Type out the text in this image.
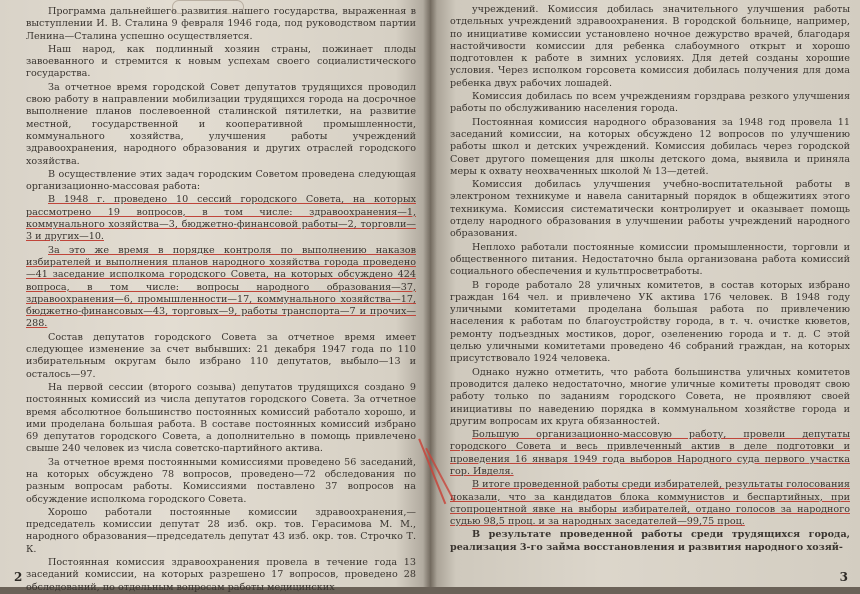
Программа дальнейшего развития нашего государства, выраженная в выступлении И. В. Сталина 9 февраля 1946 года, под руководством партии Ленина—Сталина успешно осуществляется.

Наш народ, как подлинный хозяин страны, пожинает плоды завоеванного и стремится к новым успехам своего социалистического государства.

За отчетное время городской Совет депутатов трудящихся проводил свою работу в направлении мобилизации трудящихся города на досрочное выполнение планов послевоенной сталинской пятилетки, на развитие местной, государственной и кооперативной промышленности, коммунального хозяйства, улучшения работы учреждений здравоохранения, народного образования и других отраслей городского хозяйства.

В осуществление этих задач городским Советом проведена следующая организационно-массовая работа:

В 1948 г. проведено 10 сессий городского Совета, на которых рассмотрено 19 вопросов, в том числе: здравоохранения—1, коммунального хозяйства—3, бюджетно-финансовой работы—2, торговли—3 и других—10.

За это же время в порядке контроля по выполнению наказов избирателей и выполнения планов народного хозяйства города проведено—41 заседание исполкома городского Совета, на которых обсуждено 424 вопроса, в том числе: вопросы народного образования—37, здравоохранения—6, промышленности—17, коммунального хозяйства—17, бюджетно-финансовых—43, торговых—9, работы транспорта—7 и прочих—288.

Состав депутатов городского Совета за отчетное время имеет следующее изменение за счет выбывших: 21 декабря 1947 года по 110 избирательным округам было избрано 110 депутатов, выбыло—13 и осталось—97.

На первой сессии (второго созыва) депутатов трудящихся создано 9 постоянных комиссий из числа депутатов городского Совета. За отчетное время абсолютное большинство постоянных комиссий работало хорошо, и ими проделана большая работа. В составе постоянных комиссий избрано 69 депутатов городского Совета, а дополнительно в помощь привлечено свыше 240 человек из числа советско-партийного актива.

За отчетное время постоянными комиссиями проведено 56 заседаний, на которых обсуждено 78 вопросов, проведено—72 обследования по разным вопросам работы. Комиссиями поставлено 37 вопросов на обсуждение исполкома городского Совета.

Хорошо работали постоянные комиссии здравоохранения,—председатель комиссии депутат 28 изб. окр. тов. Герасимова М. М., народного образования—председатель депутат 43 изб. окр. тов. Строчко Т. К.

Постоянная комиссия здравоохранения провела в течение года 13 заседаний комиссии, на которых разрешено 17 вопросов, проведено 28 обследований, по отдельным вопросам работы медицинских

2

учреждений. Комиссия добилась значительного улучшения работы отдельных учреждений здравоохранения. В городской больнице, например, по инициативе комиссии установлено ночное дежурство врачей, благодаря настойчивости комиссии для ребенка слабоумного открыт и хорошо подготовлен к работе в зимних условиях. Для детей созданы хорошие условия. Через исполком горсовета комиссия добилась получения для дома ребенка двух рабочих лошадей.

Комиссия добилась по всем учреждениям горздрава резкого улучшения работы по обслуживанию населения города.

Постоянная комиссия народного образования за 1948 год провела 11 заседаний комиссии, на которых обсуждено 12 вопросов по улучшению работы школ и детских учреждений. Комиссия добилась через городской Совет другого помещения для школы детского дома, выявила и приняла меры к охвату неохваченных школой № 13—детей.

Комиссия добилась улучшения учебно-воспитательной работы в электроном техникуме и навела санитарный порядок в общежитиях этого техникума. Комиссия систематически контролирует и оказывает помощь отделу народного образования в улучшении работы учреждений народного образования.

Неплохо работали постоянные комиссии промышленности, торговли и общественного питания. Недостаточно была организована работа комиссий социального обеспечения и культпросветработы.

В городе работало 28 уличных комитетов, в состав которых избрано граждан 164 чел. и привлечено УК актива 176 человек. В 1948 году уличными комитетами проделана большая работа по привлечению населения к работам по благоустройству города, в т. ч. очистке кюветов, ремонту подъездных мостиков, дорог, озеленению города и т. д. С этой целью уличными комитетами проведено 46 собраний граждан, на которых присутствовало 1924 человека.

Однако нужно отметить, что работа большинства уличных комитетов проводится далеко недостаточно, многие уличные комитеты проводят свою работу только по заданиям городского Совета, не проявляют своей инициативы по наведению порядка в коммунальном хозяйстве города и другим вопросам их круга обязанностей.

Большую организационно-массовую работу, провели депутаты городского Совета и весь привлеченный актив в деле подготовки и проведения 16 января 1949 года выборов Народного суда первого участка гор. Ивделя.

В итоге проведенной работы среди избирателей, результаты голосования показали, что за кандидатов блока коммунистов и беспартийных, при стопроцентной явке на выборы избирателей, отдано голосов за народного судью 98,5 проц. и за народных заседателей—99,75 проц.

В результате проведенной работы среди трудящихся города, реализация 3-го займа восстановления и развития народного хозяй-

3
